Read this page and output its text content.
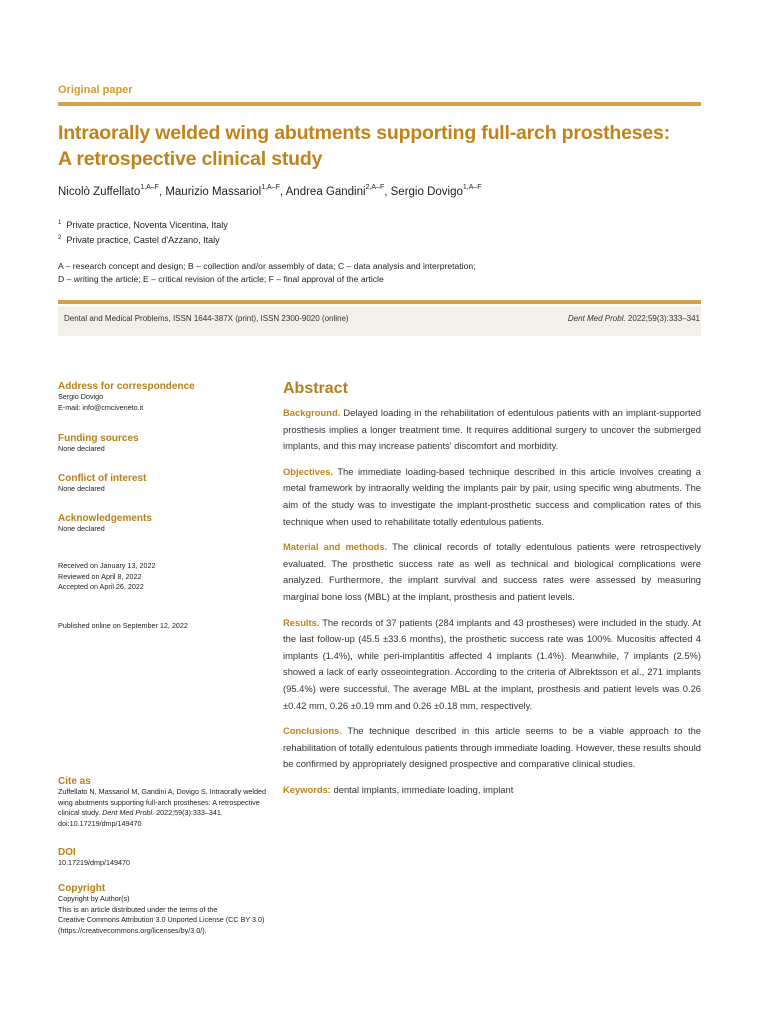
Original paper
Intraorally welded wing abutments supporting full-arch prostheses:
A retrospective clinical study
Nicolò Zuffellato$^{1,A-F}$, Maurizio Massariol$^{1,A-F}$, Andrea Gandini$^{2,A-F}$, Sergio Dovigo$^{1,A-F}$
$^1$ Private practice, Noventa Vicentina, Italy
$^2$ Private practice, Castel d'Azzano, Italy
A – research concept and design; B – collection and/or assembly of data; C – data analysis and interpretation;
D – writing the article; E – critical revision of the article; F – final approval of the article
Dental and Medical Problems, ISSN 1644-387X (print), ISSN 2300-9020 (online)	Dent Med Probl. 2022;59(3):333–341

Address for correspondence

Sergio Dovigo

E-mail: info@cmciveneto.it

Funding sources

None declared

Conflict of interest

None declared

Acknowledgements

None declared

Received on January 13, 2022

Reviewed on April 8, 2022

Accepted on April 26, 2022

Published online on September 12, 2022

Cite as

Zuffellato N, Massariol M, Gandini A, Dovigo S. Intraorally welded

wing abutments supporting full-arch prostheses: A retrospective

clinical study. Dent Med Probl. 2022;59(3):333–341.

doi:10.17219/dmp/149470

DOI

10.17219/dmp/149470

Copyright

Copyright by Author(s)

This is an article distributed under the terms of the

Creative Commons Attribution 3.0 Unported License (CC BY 3.0)

(https://creativecommons.org/licenses/by/3.0/).

Abstract

Background. Delayed loading in the rehabilitation of edentulous patients with an implant-supported prosthesis implies a longer treatment time. It requires additional surgery to uncover the submerged implants, and this may increase patients' discomfort and morbidity.

Objectives. The immediate loading-based technique described in this article involves creating a metal framework by intraorally welding the implants pair by pair, using specific wing abutments. The aim of the study was to investigate the implant-prosthetic success and complication rates of this technique when used to rehabilitate totally edentulous patients.

Material and methods. The clinical records of totally edentulous patients were retrospectively evaluated. The prosthetic success rate as well as technical and biological complications were analyzed. Furthermore, the implant survival and success rates were assessed by measuring marginal bone loss (MBL) at the implant, prosthesis and patient levels.

Results. The records of 37 patients (284 implants and 43 prostheses) were included in the study. At the last follow-up (45.5 ±33.6 months), the prosthetic success rate was 100%. Mucositis affected 4 implants (1.4%), while peri-implantitis affected 4 implants (1.4%). Meanwhile, 7 implants (2.5%) showed a lack of early osseointegration. According to the criteria of Albrektsson et al., 271 implants (95.4%) were successful. The average MBL at the implant, prosthesis and patient levels was 0.26 ±0.42 mm, 0.26 ±0.19 mm and 0.26 ±0.18 mm, respectively.

Conclusions. The technique described in this article seems to be a viable approach to the rehabilitation of totally edentulous patients through immediate loading. However, these results should be confirmed by appropriately designed prospective and comparative clinical studies.

Keywords: dental implants, immediate loading, implant
